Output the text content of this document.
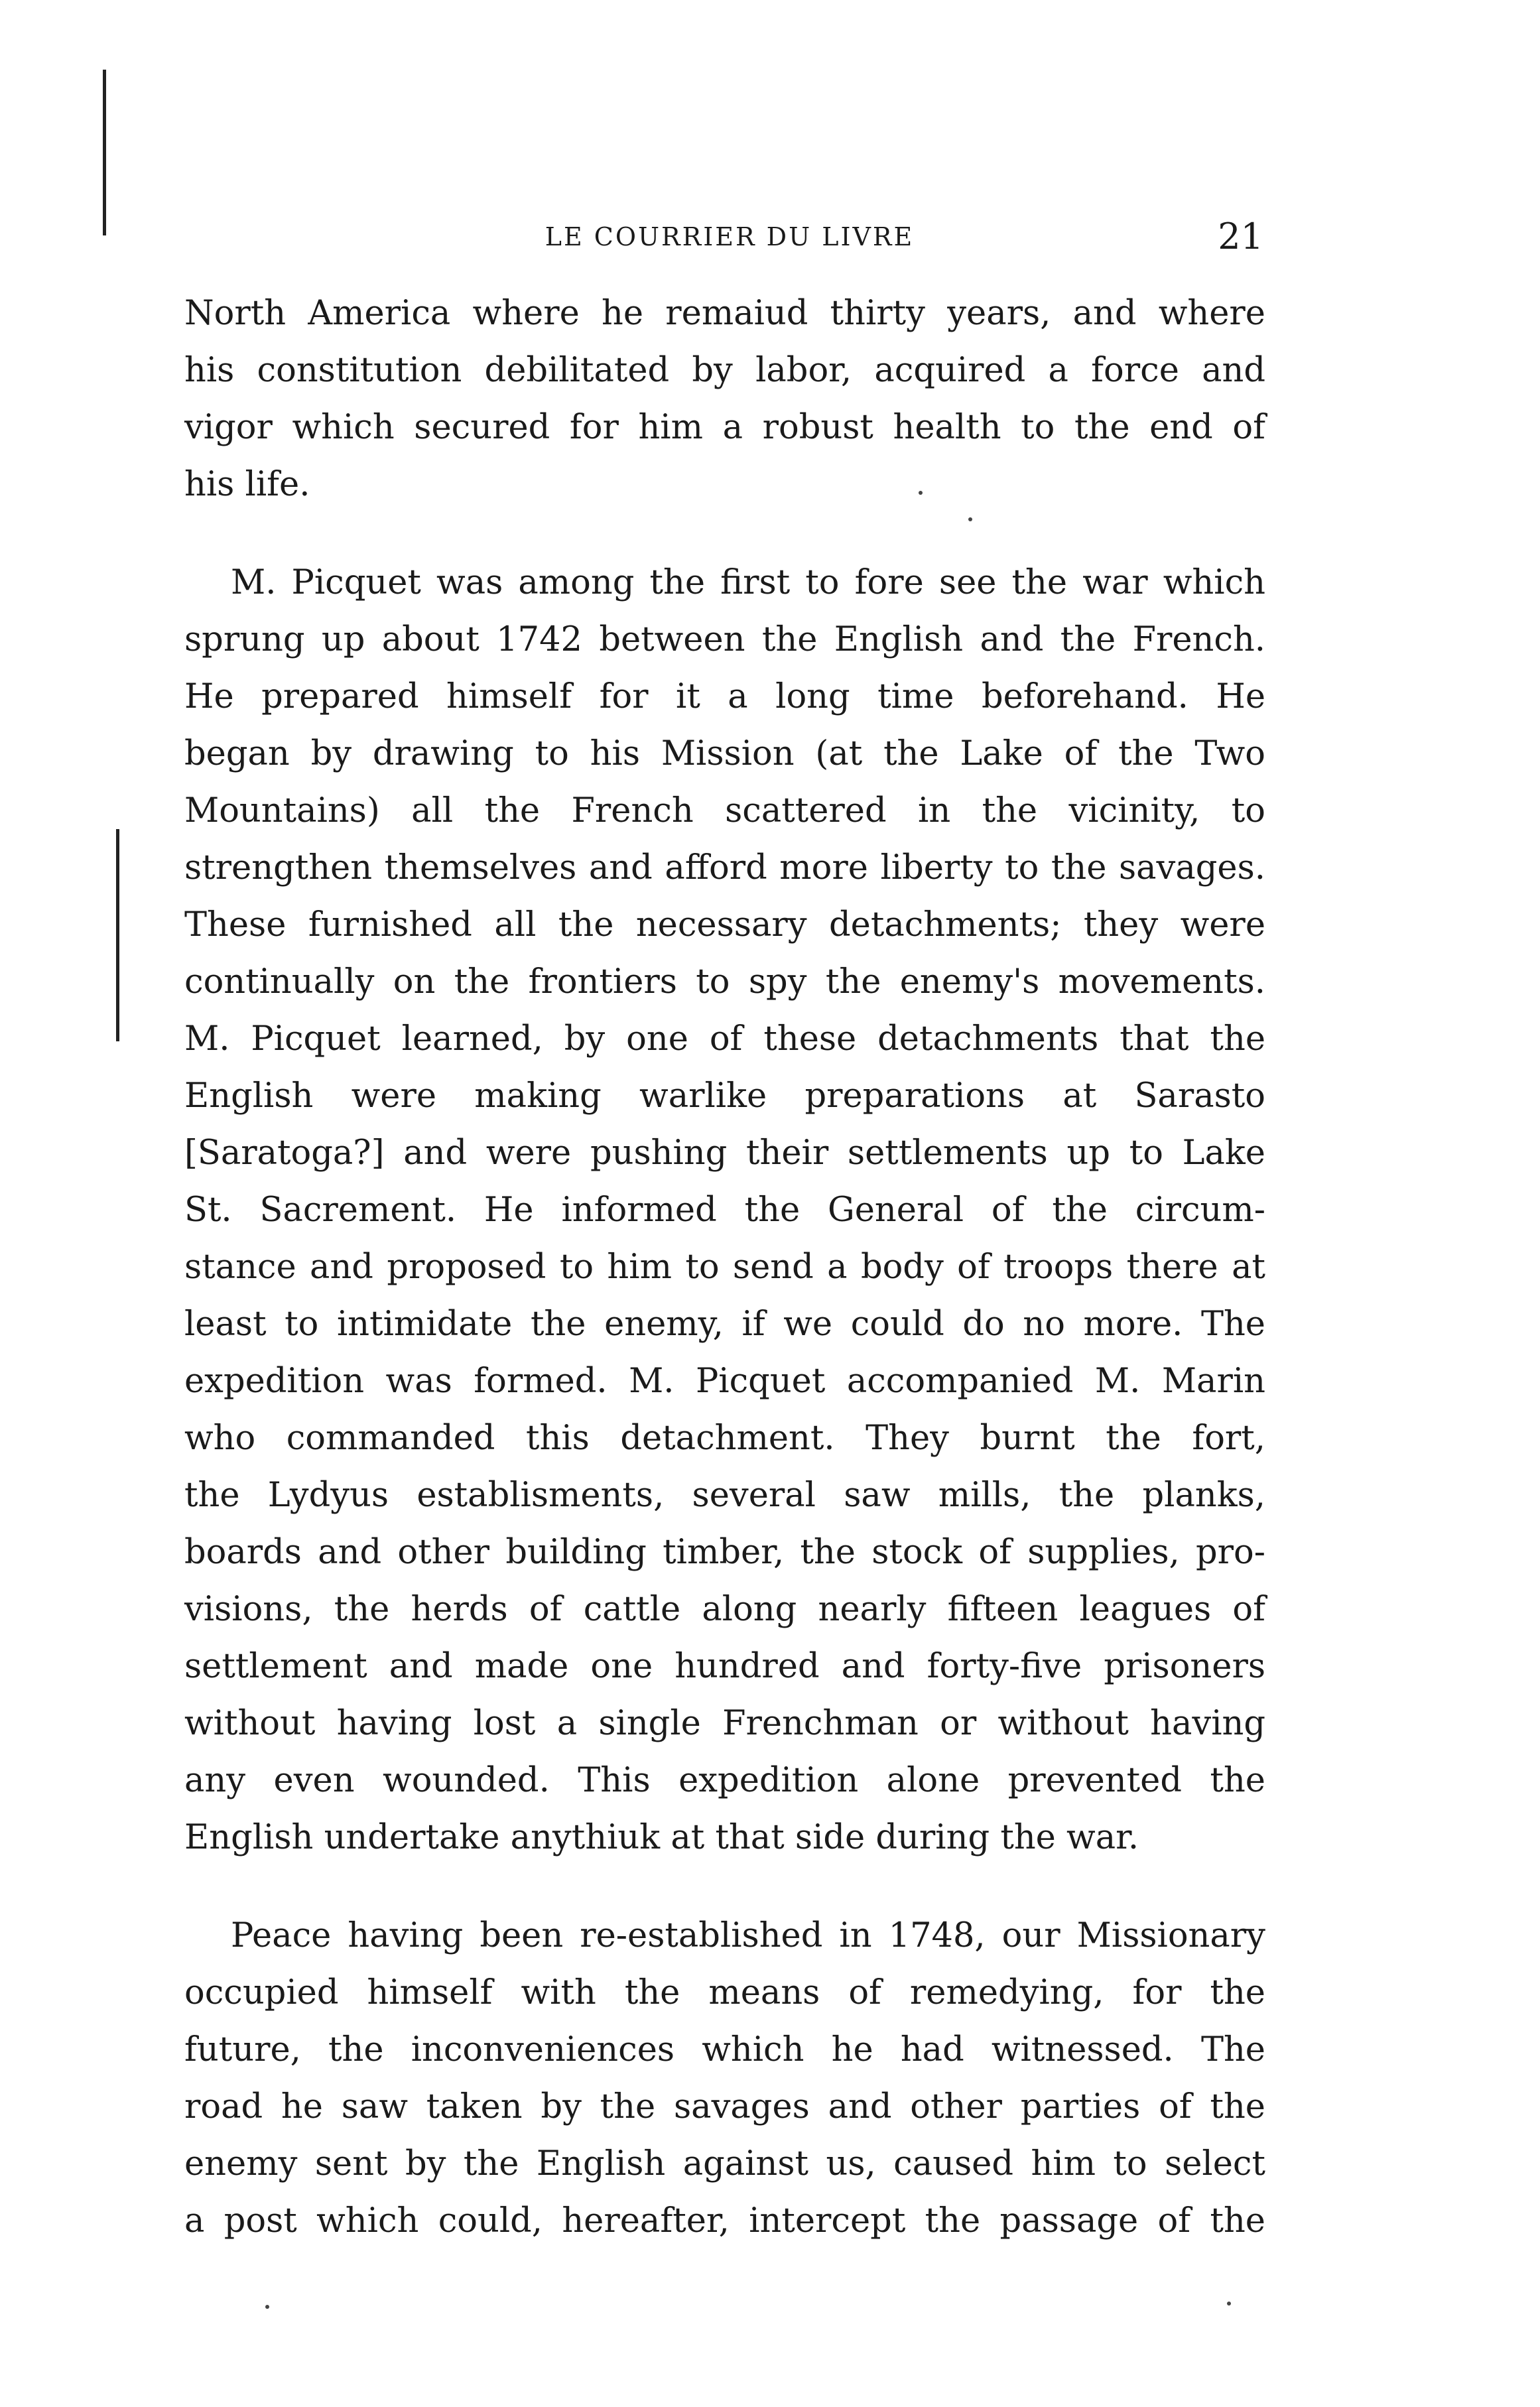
LE COURRIER DU LIVRE	21
North America where he remaiud thirty years, and where
his constitution debilitated by labor, acquired a force and
vigor which secured for him a robust health to the end of
his life.
M. Picquet was among the first to fore see the war which
sprung up about 1742 between the English and the French.
He prepared himself for it a long time beforehand. He
began by drawing to his Mission (at the Lake of the Two
Mountains) all the French scattered in the vicinity, to
strengthen themselves and afford more liberty to the savages.
These furnished all the necessary detachments; they were
continually on the frontiers to spy the enemy's movements.
M. Picquet learned, by one of these detachments that the
English were making warlike preparations at Sarasto
[Saratoga?] and were pushing their settlements up to Lake
St. Sacrement. He informed the General of the circum-
stance and proposed to him to send a body of troops there at
least to intimidate the enemy, if we could do no more. The
expedition was formed. M. Picquet accompanied M. Marin
who commanded this detachment. They burnt the fort,
the Lydyus establisments, several saw mills, the planks,
boards and other building timber, the stock of supplies, pro-
visions, the herds of cattle along nearly fifteen leagues of
settlement and made one hundred and forty-five prisoners
without having lost a single Frenchman or without having
any even wounded. This expedition alone prevented the
English undertake anythiuk at that side during the war.
Peace having been re-established in 1748, our Missionary
occupied himself with the means of remedying, for the
future, the inconveniences which he had witnessed. The
road he saw taken by the savages and other parties of the
enemy sent by the English against us, caused him to select
a post which could, hereafter, intercept the passage of the
